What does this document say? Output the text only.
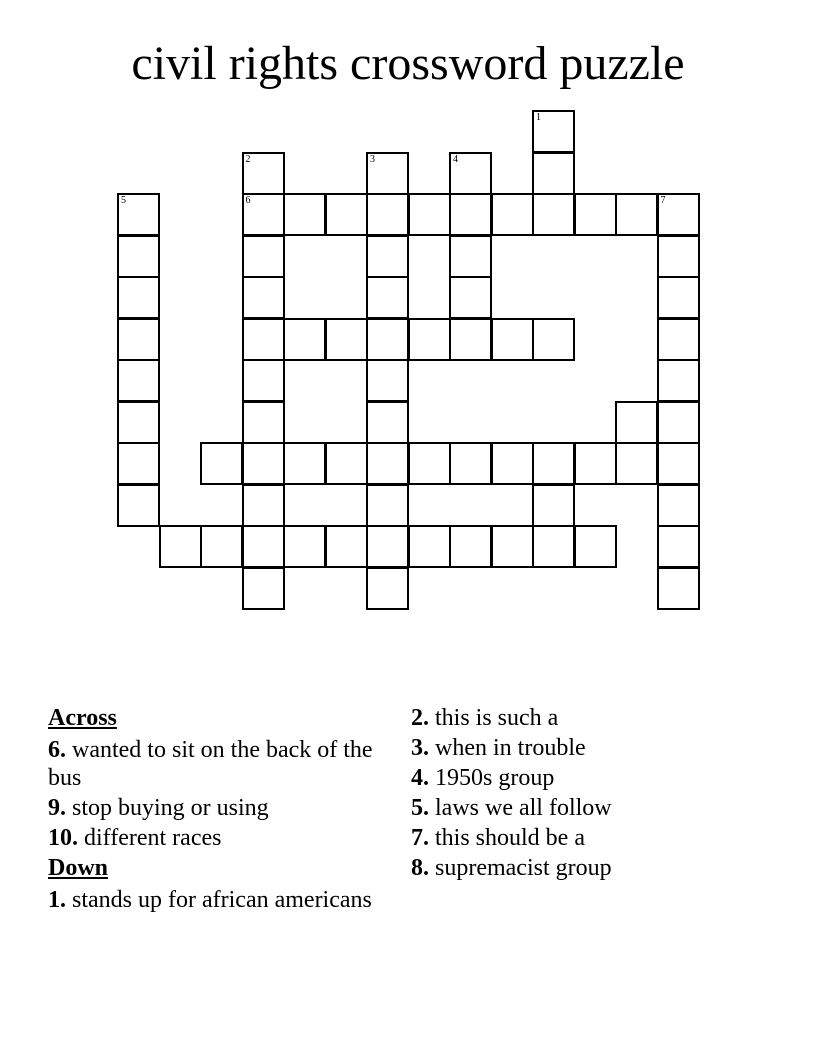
civil rights crossword puzzle
1
2
6
3	4
5	7
Across
6. wanted to sit on the back of the bus
9. stop buying or using
10. different races
Down
1. stands up for african americans
2. this is such a
3. when in trouble
4. 1950s group
5. laws we all follow
7. this should be a
8. supremacist group
